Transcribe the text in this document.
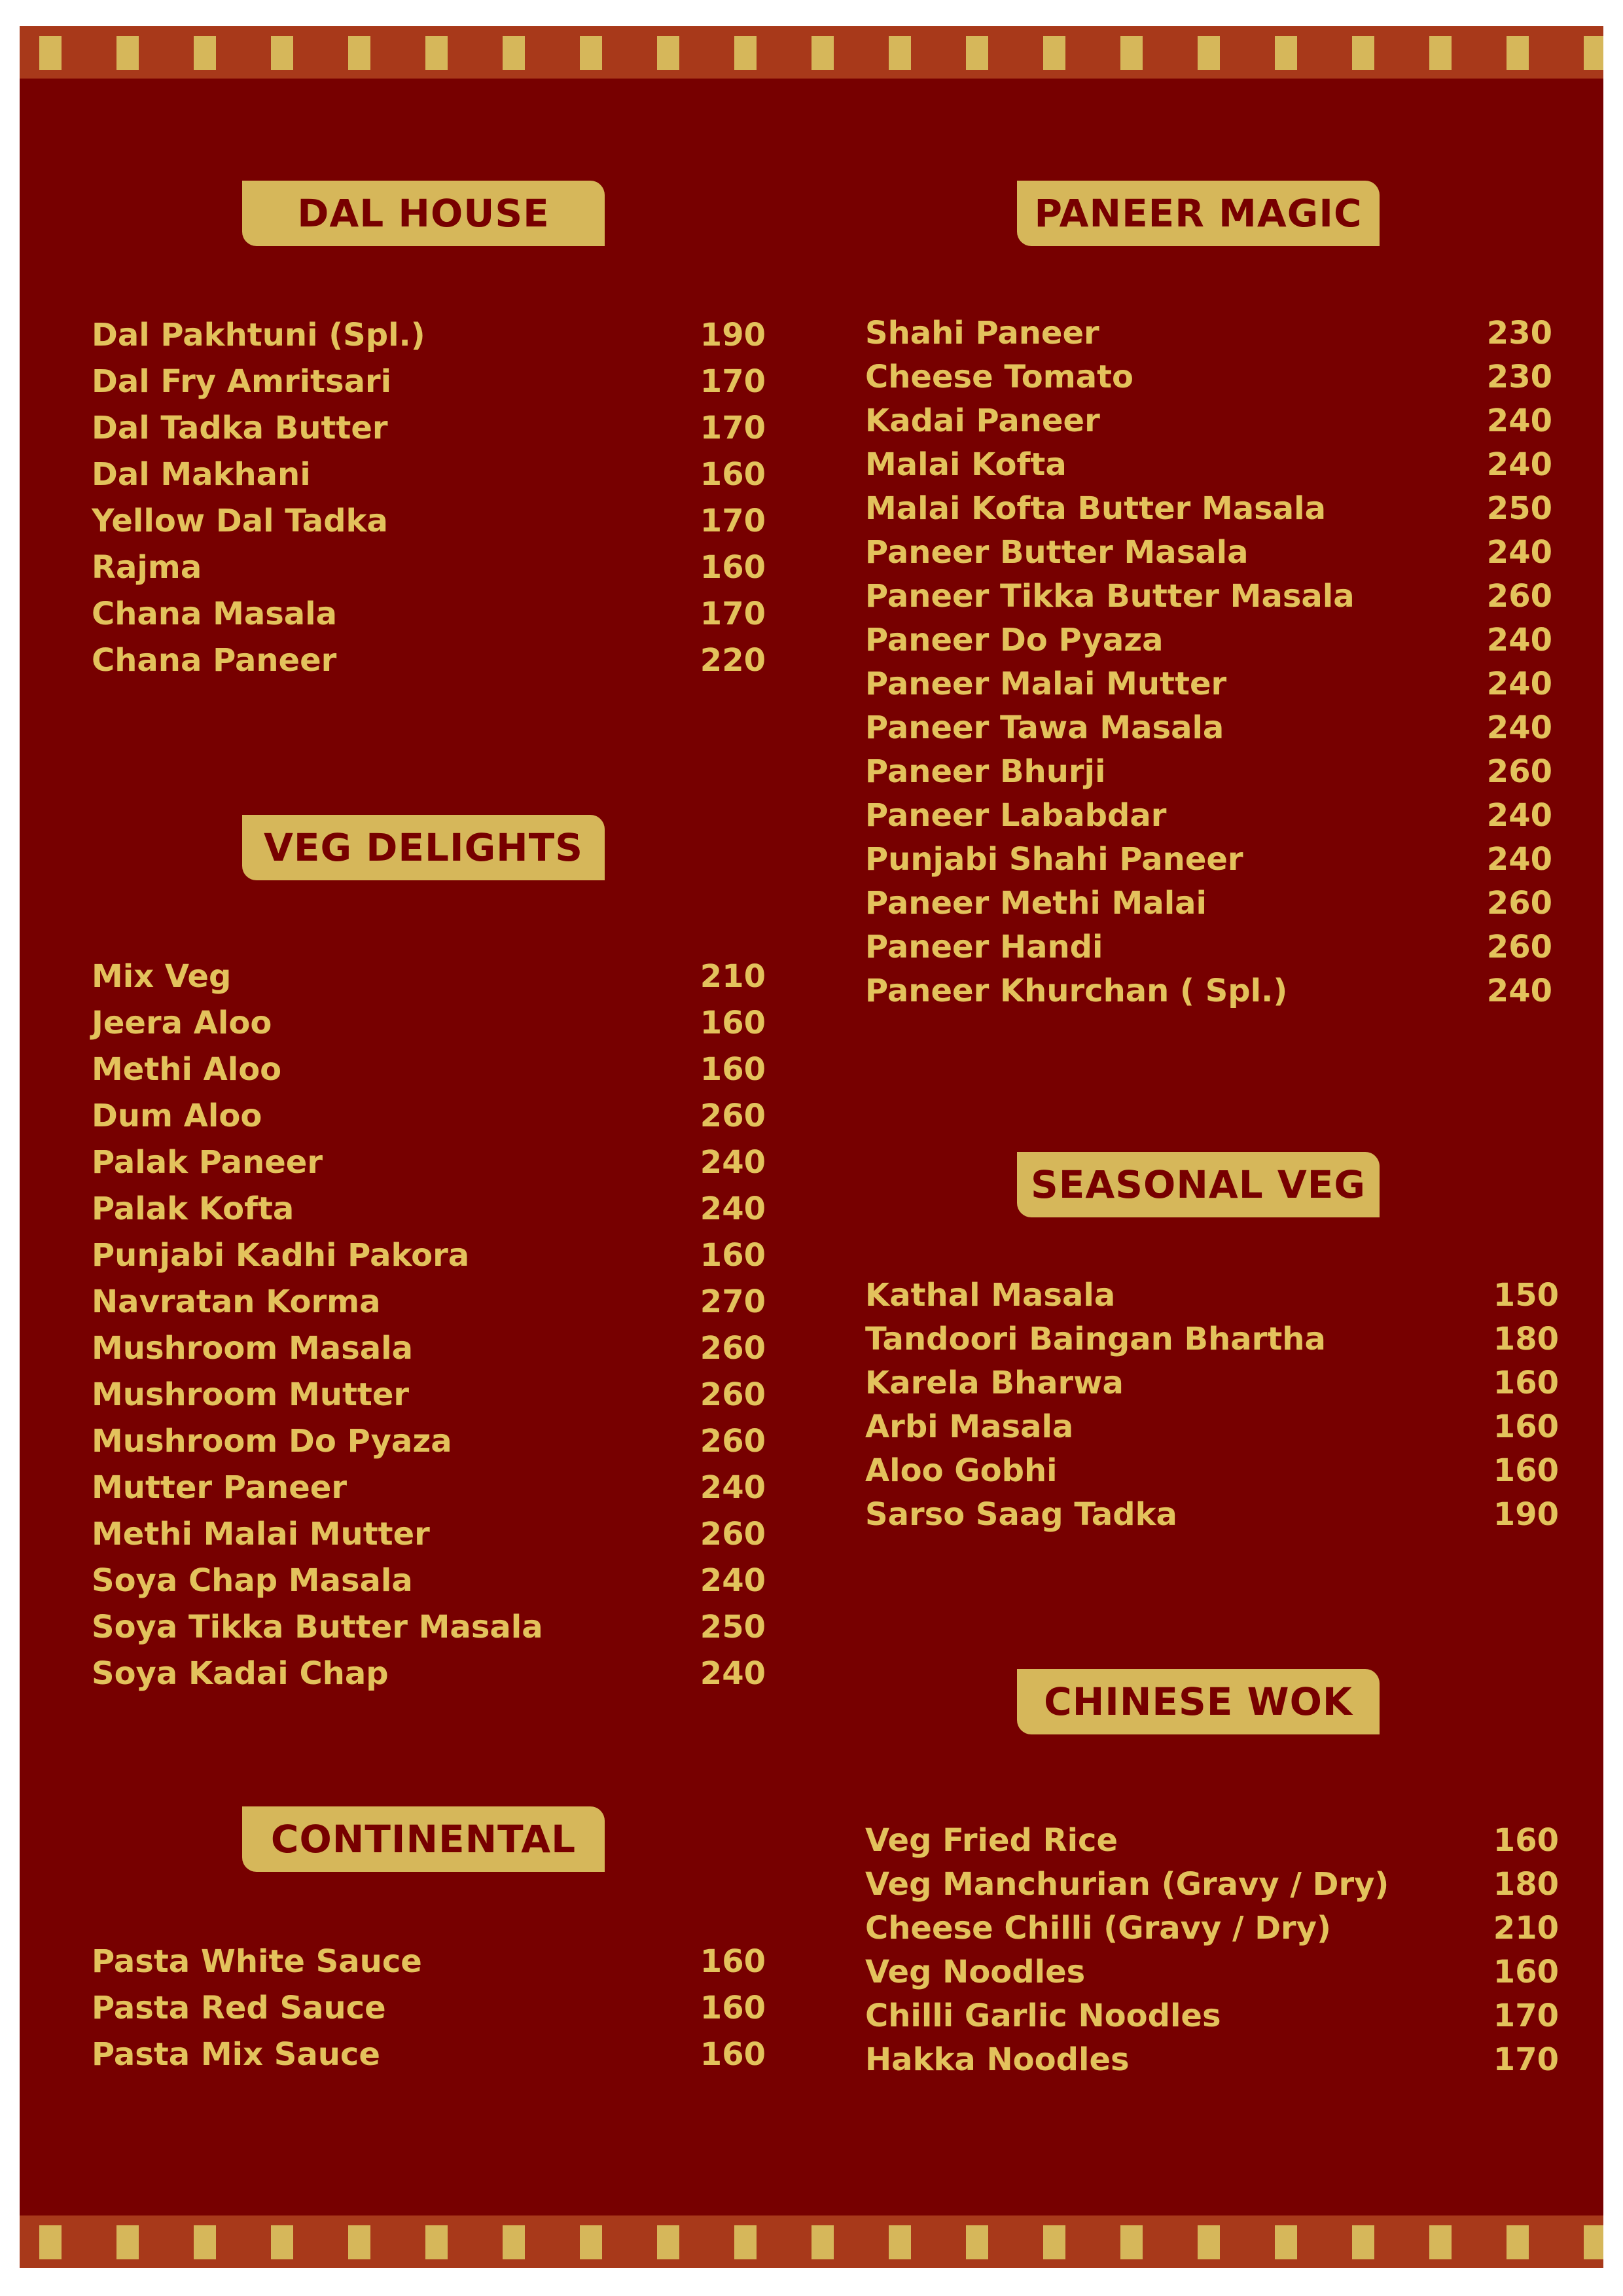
DAL HOUSE
Dal Pakhtuni (Spl.)	190
Dal Fry Amritsari	170
Dal Tadka Butter	170
Dal Makhani	160
Yellow Dal Tadka	170
Rajma	160
Chana Masala	170
Chana Paneer	220
VEG DELIGHTS
Mix Veg	210
Jeera Aloo	160
Methi Aloo	160
Dum Aloo	260
Palak Paneer	240
Palak Kofta	240
Punjabi Kadhi Pakora	160
Navratan Korma	270
Mushroom Masala	260
Mushroom Mutter	260
Mushroom Do Pyaza	260
Mutter Paneer	240
Methi Malai Mutter	260
Soya Chap Masala	240
Soya Tikka Butter Masala	250
Soya Kadai Chap	240
CONTINENTAL
Pasta White Sauce	160
Pasta Red Sauce	160
Pasta Mix Sauce	160
PANEER MAGIC
Shahi Paneer	230
Cheese Tomato	230
Kadai Paneer	240
Malai Kofta	240
Malai Kofta Butter Masala	250
Paneer Butter Masala	240
Paneer Tikka Butter Masala	260
Paneer Do Pyaza	240
Paneer Malai Mutter	240
Paneer Tawa Masala	240
Paneer Bhurji	260
Paneer Lababdar	240
Punjabi Shahi Paneer	240
Paneer Methi Malai	260
Paneer Handi	260
Paneer Khurchan ( Spl.)	240
SEASONAL VEG
Kathal Masala	150
Tandoori Baingan Bhartha	180
Karela Bharwa	160
Arbi Masala	160
Aloo Gobhi	160
Sarso Saag Tadka	190
CHINESE WOK
Veg Fried Rice	160
Veg Manchurian (Gravy / Dry)	180
Cheese Chilli (Gravy / Dry)	210
Veg Noodles	160
Chilli Garlic Noodles	170
Hakka Noodles	170
